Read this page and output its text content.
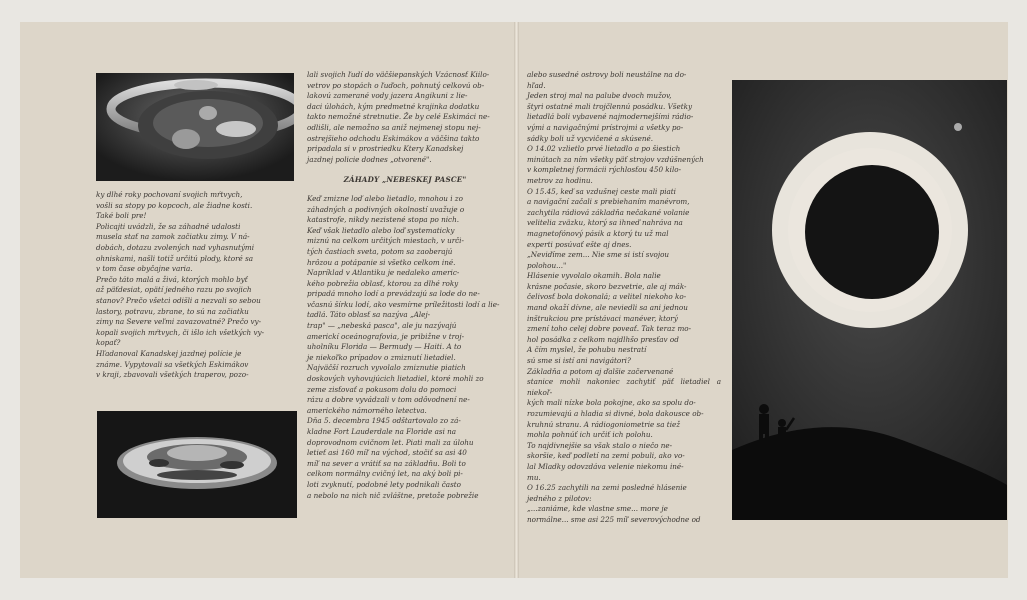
ky dlhé roky pochovaní svojich mŕtvych,
vošli sa stopy po kopcoch, ale žiadne kosti.
Také boli pre!
Policajti uvádzli, že sa záhadné udalosti
musela stať na zamok začiatku zimy. V ná-
dobách, dotazu zvolených nad vyhasnutými
ohniskami, našli totiž určitú plody, ktoré sa
v tom čase obyčajne varia.
Prečo táto malá a živá, ktorých mohlo byť
až päťdesiat, opätí jedného razu po svojich
stanov? Prečo všetci odišli a nezvali so sebou
lastory, potravu, zbrane, to sú na začiatku
zimy na Severe veľmi zavazovatné? Prečo vy-
kopali svojich mŕtvych, či išlo ich všetkých vy-
kopať?
Hľadanoval Kanadskej jazdnej polície je
známe. Vypytovali sa všetkých Eskimákov
v kraji, zbavovali všetkých traperov, pozo-

lali svojich ľudí do väčšiepanských Vzácnosť Kiilo-
vetrov po stopách o ľuďoch, pohnutý celkovú ob-
lakovú zamerané vody jazera Angikuni z lie-
daci úlohách, kým predmetné krajinka dodatku
takto nemožné stretnutie. Že by celé Eskimáci ne-
odlišli, ale nemožno sa aniž nejmenej stopu nej-
ostrejšieho odchodu Eskimákov a väčšina takto
pripadala si v prostriedku Ktery Kanadskej
jazdnej policie dodnes „otvorené".

ZÁHADY „NEBESKEJ PASCE"

Keď zmizne loď alebo lietadlo, mnohou i zo
záhadných a podivných okolností uvažuje o
katastrofe, nikdy nezistené stopa po nich.
Keď však lietadlo alebo loď systematicky
miznú na celkom určitých miestach, v urči-
tých častiach sveta, potom sa zaoberajú
hrôzou a potápanie si všetko celkom iné.
Napríklad v Atlantiku je nedaleko americ-
kého pobrežia oblasť, ktorou za dlhé roky
pripadá mnoho lodí a prevádzajú sa lode do ne-
včasnú šírku lodí, ako vesmírne príležitosti lodí a lie-
tadlá. Táto oblasť sa nazýva „Alej-
trap" — „nebeská pasca", ale ju nazývajú
americkí oceánografovia, je pribižne v troj-
uholníku Florida — Bermudy — Haiti. A to
je niekoľko prípadov o zmiznutí lietadiel.
Najväčší rozruch vyvolalo zmiznutie piatich
doskových vyhovujúcich lietadiel, ktoré mohli zo
zeme zisťovať a pokusom dolu do pomoci
rázu a dobre vyvádzali v tom odôvodnení ne-
amerického námorného letectva.
Dňa 5. decembra 1945 odštartovalo zo zá-
kladne Fort Lauderdale na Floride asi na
doprovodnom cvičnom let. Piati mali za úlohu
letieť asi 160 míľ na východ, stočiť sa asi 40
míľ na sever a vrátiť sa na základňu. Boli to
celkom normálny cvičný let, na aký boli pi-
loti zvyknutí, podobné lety podnikali často
a nebolo na nich nič zvláštne, pretože pobrežie

alebo susedné ostrovy boli neustálne na do-
hľad.
Jeden stroj mal na palube dvoch mužov,
štyri ostatné mali trojčlennú posádku. Všetky
lietadlá boli vybavené najmodernejšími rádio-
vými a navigačnými prístrojmi a všetky po-
sádky boli už vycvičené a skúsené.
O 14.02 vzlietlo prvé lietadlo a po šiestich
minútach za ním všetky päť strojov vzdúšnených
v kompletnej formácii rýchlosťou 450 kilo-
metrov za hodinu.
O 15.45, keď sa vzdušnej ceste mali piati
a navigační začali s prebiehaním manévrom,
zachytila rádiová základňa nečakané volanie
velitelia zväzku, ktorý sa ihneď nahráva na
magnetofónový pásik a ktorý tu už mal
experti posúvať ešte aj dnes.
„Neviďíme zem... Nie sme si istí svojou
polohou..."
Hlásenie vyvolalo okamih. Bola nalie
krásne počasie, skoro bezvetrie, ale aj mák-
čelivosť bola dokonalá; a velitel niekoho ko-
mand okaží dívne, ale neviedli sa ani jednou
inštrukciou pre prístávaci manéver, ktorý
zmení toho celej dobre poveať. Tak teraz mo-
hol posádka z celkom najdlhšo presťav od
A čím myslel, že pohubu nestratí
sú sme si istí ani navigátori?
Základňa a potom aj ďalšie začervenané
stanice mohli nakoniec zachytiť päť lietadiel a niekoľ-
kých mali nízke bola pokojne, ako sa spolu do-
rozumievajú a hladia si divné, bola dakousce ob-
kruhnú stranu. A rádiogoniometrie sa tiež
mohla pohnúť ich určiť ich polohu.
To najdivnejšie sa však stalo o niečo ne-
skoršie, keď podletí na zemi pobuli, ako vo-
lal Mladky odovzdáva velenie niekomu iné-
mu.
O 16.25 zachytili na zemi posledné hlásenie
jedného z pilotov:
„...zaniáme, kde vlastne sme... more je
normálne... sme asi 225 míľ severovýchodne od
